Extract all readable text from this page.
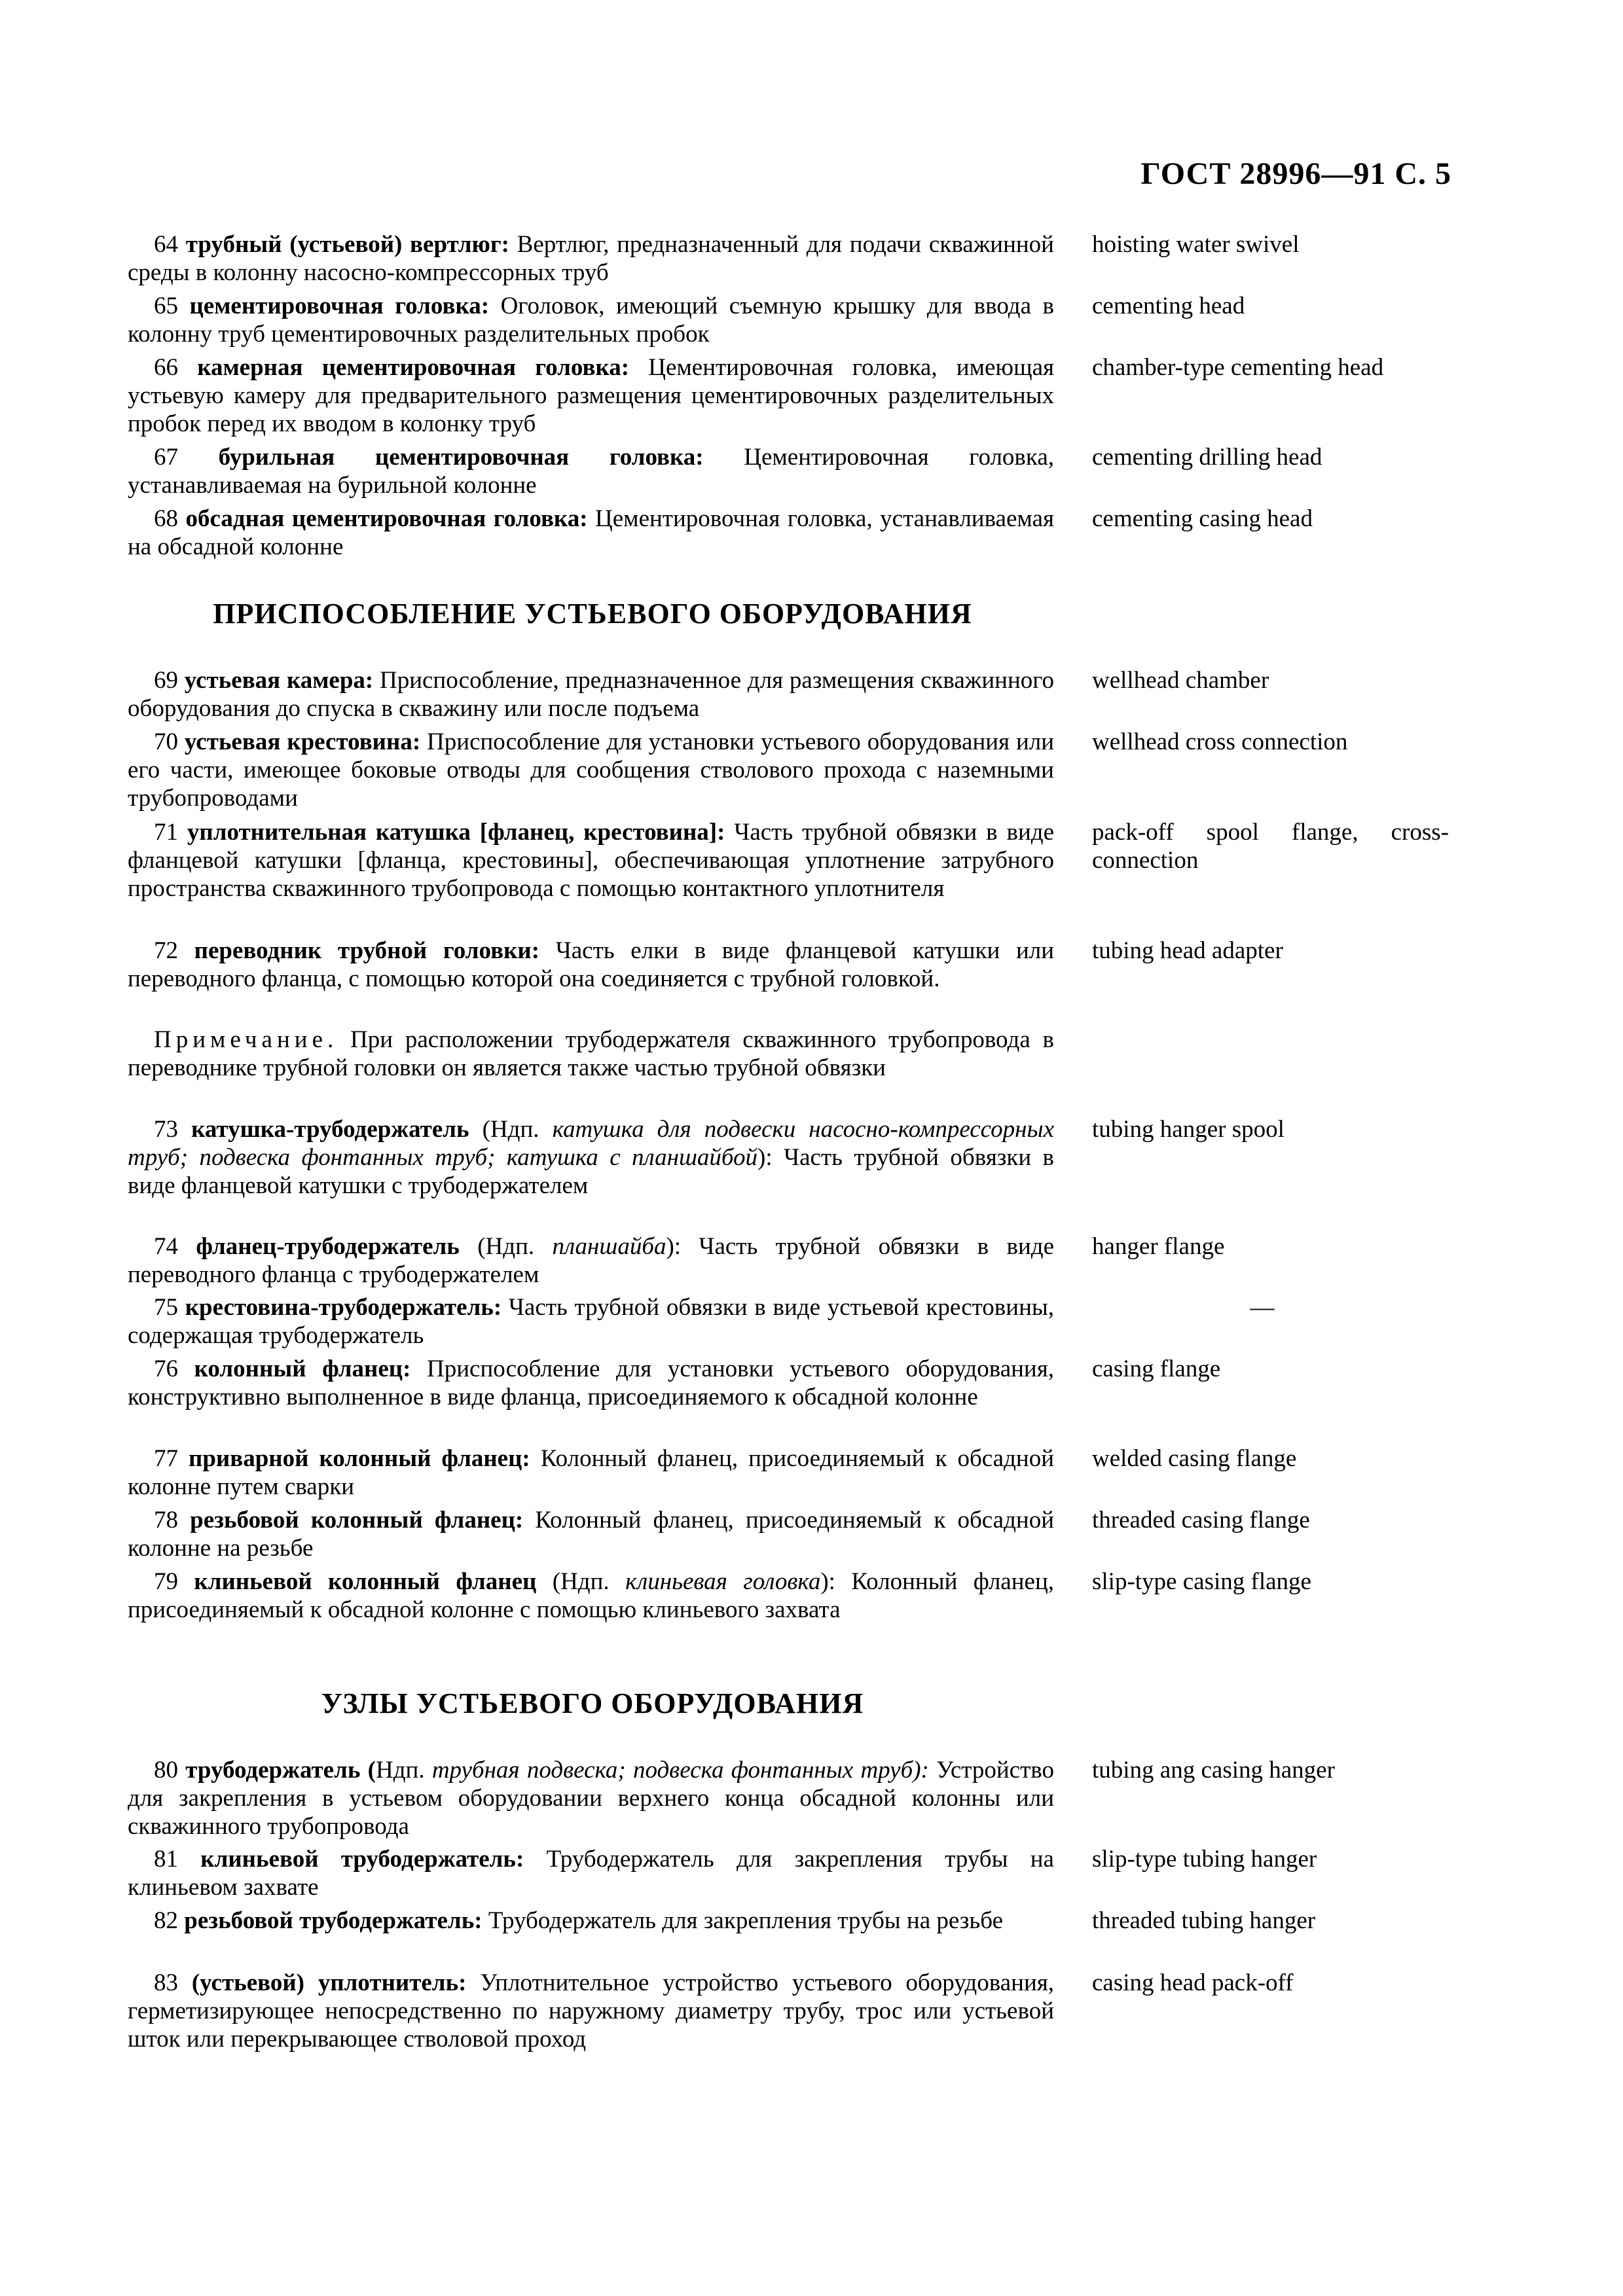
ГОСТ 28996—91 С. 5
64 трубный (устьевой) вертлюг: Вертлюг, предназначенный для подачи скважинной среды в колонну насосно-компрессорных труб
hoisting water swivel
65 цементировочная головка: Оголовок, имеющий съемную крышку для ввода в колонну труб цементировочных разделительных пробок
cementing head
66 камерная цементировочная головка: Цементировочная головка, имеющая устьевую камеру для предварительного размещения цементировочных разделительных пробок перед их вводом в колонку труб
chamber-type cementing head
67 бурильная цементировочная головка: Цементировочная головка, устанавливаемая на бурильной колонне
cementing drilling head
68 обсадная цементировочная головка: Цементировочная головка, устанавливаемая на обсадной колонне
cementing casing head
ПРИСПОСОБЛЕНИЕ УСТЬЕВОГО ОБОРУДОВАНИЯ
69 устьевая камера: Приспособление, предназначенное для размещения скважинного оборудования до спуска в скважину или после подъема
wellhead chamber
70 устьевая крестовина: Приспособление для установки устьевого оборудования или его части, имеющее боковые отводы для сообщения стволового прохода с наземными трубопроводами
wellhead cross connection
71 уплотнительная катушка [фланец, крестовина]: Часть трубной обвязки в виде фланцевой катушки [фланца, крестовины], обеспечивающая уплотнение затрубного пространства скважинного трубопровода с помощью контактного уплотнителя
pack-off spool flange, cross-connection
72 переводник трубной головки: Часть елки в виде фланцевой катушки или переводного фланца, с помощью которой она соединяется с трубной головкой.
tubing head adapter
Примечание. При расположении трубодержателя скважинного трубопровода в переводнике трубной головки он является также частью трубной обвязки
73 катушка-трубодержатель (Ндп. катушка для подвески насосно-компрессорных труб; подвеска фонтанных труб; катушка с планшайбой): Часть трубной обвязки в виде фланцевой катушки с трубодержателем
tubing hanger spool
74 фланец-трубодержатель (Ндп. планшайба): Часть трубной обвязки в виде переводного фланца с трубодержателем
hanger flange
75 крестовина-трубодержатель: Часть трубной обвязки в виде устьевой крестовины, содержащая трубодержатель
—
76 колонный фланец: Приспособление для установки устьевого оборудования, конструктивно выполненное в виде фланца, присоединяемого к обсадной колонне
casing flange
77 приварной колонный фланец: Колонный фланец, присоединяемый к обсадной колонне путем сварки
welded casing flange
78 резьбовой колонный фланец: Колонный фланец, присоединяемый к обсадной колонне на резьбе
threaded casing flange
79 клиньевой колонный фланец (Ндп. клиньевая головка): Колонный фланец, присоединяемый к обсадной колонне с помощью клиньевого захвата
slip-type casing flange
УЗЛЫ УСТЬЕВОГО ОБОРУДОВАНИЯ
80 трубодержатель (Ндп. трубная подвеска; подвеска фонтанных труб): Устройство для закрепления в устьевом оборудовании верхнего конца обсадной колонны или скважинного трубопровода
tubing ang casing hanger
81 клиньевой трубодержатель: Трубодержатель для закрепления трубы на клиньевом захвате
slip-type tubing hanger
82 резьбовой трубодержатель: Трубодержатель для закрепления трубы на резьбе	threaded tubing hanger
83 (устьевой) уплотнитель: Уплотнительное устройство устьевого оборудования, герметизирующее непосредственно по наружному диаметру трубу, трос или устьевой шток или перекрывающее стволовой проход
casing head pack-off
